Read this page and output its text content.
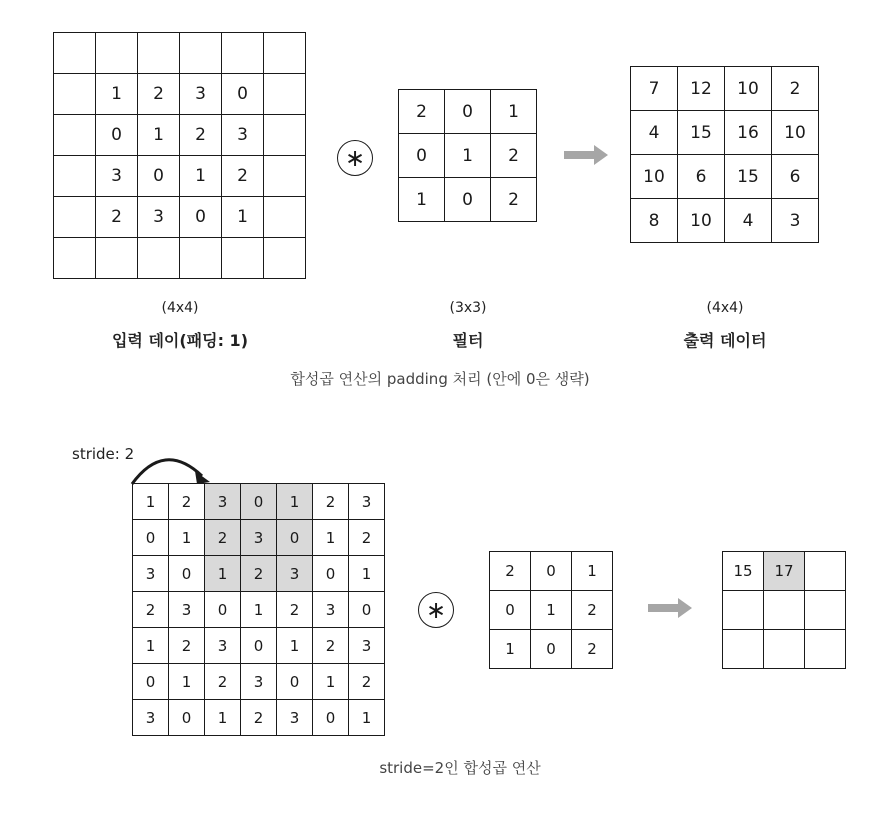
	1	2	3	0	
	0	1	2	3	
	3	0	1	2	
	2	3	0	1	

∗
2	0	1
0	1	2
1	0	2
7	12	10	2
4	15	16	10
10	6	15	6
8	10	4	3
(4x4)
입력 데이(패딩: 1)
(3x3)
필터
(4x4)
출력 데이터
합성곱 연산의 padding 처리 (안에 0은 생략)
stride: 2
1	2	3	0	1	2	3
0	1	2	3	0	1	2
3	0	1	2	3	0	1
2	3	0	1	2	3	0
1	2	3	0	1	2	3
0	1	2	3	0	1	2
3	0	1	2	3	0	1
∗
2	0	1
0	1	2
1	0	2
15	17	

stride=2인 합성곱 연산
